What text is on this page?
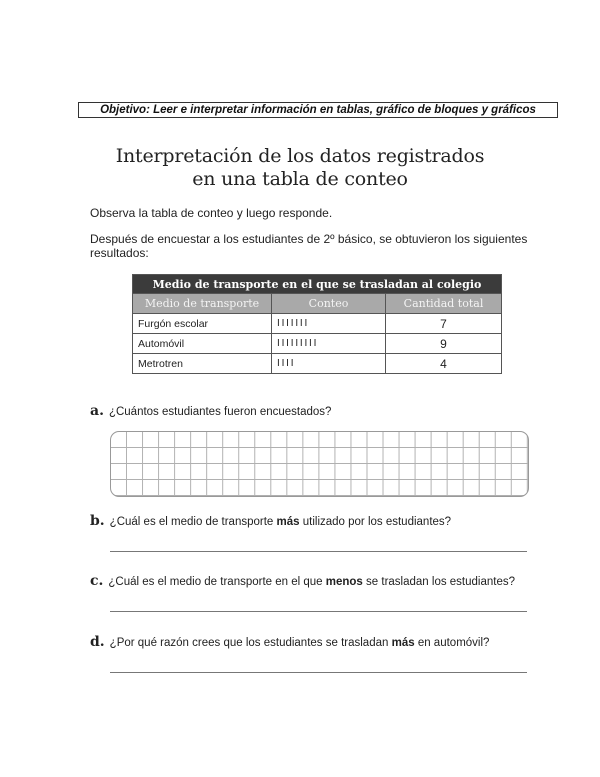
Objetivo: Leer e interpretar información en tablas, gráfico de bloques y gráficos
Interpretación de los datos registrados
en una tabla de conteo
Observa la tabla de conteo y luego responde.
Después de encuestar a los estudiantes de 2º básico, se obtuvieron los siguientes resultados:
Medio de transporte en el que se trasladan al colegio		
Medio de transporte	Conteo	Cantidad total
Furgón escolar	IIIIIII	7
Automóvil	IIIIIIIII	9
Metrotren	IIII	4
a. ¿Cuántos estudiantes fueron encuestados?
b. ¿Cuál es el medio de transporte más utilizado por los estudiantes?
c. ¿Cuál es el medio de transporte en el que menos se trasladan los estudiantes?
d. ¿Por qué razón crees que los estudiantes se trasladan más en automóvil?
